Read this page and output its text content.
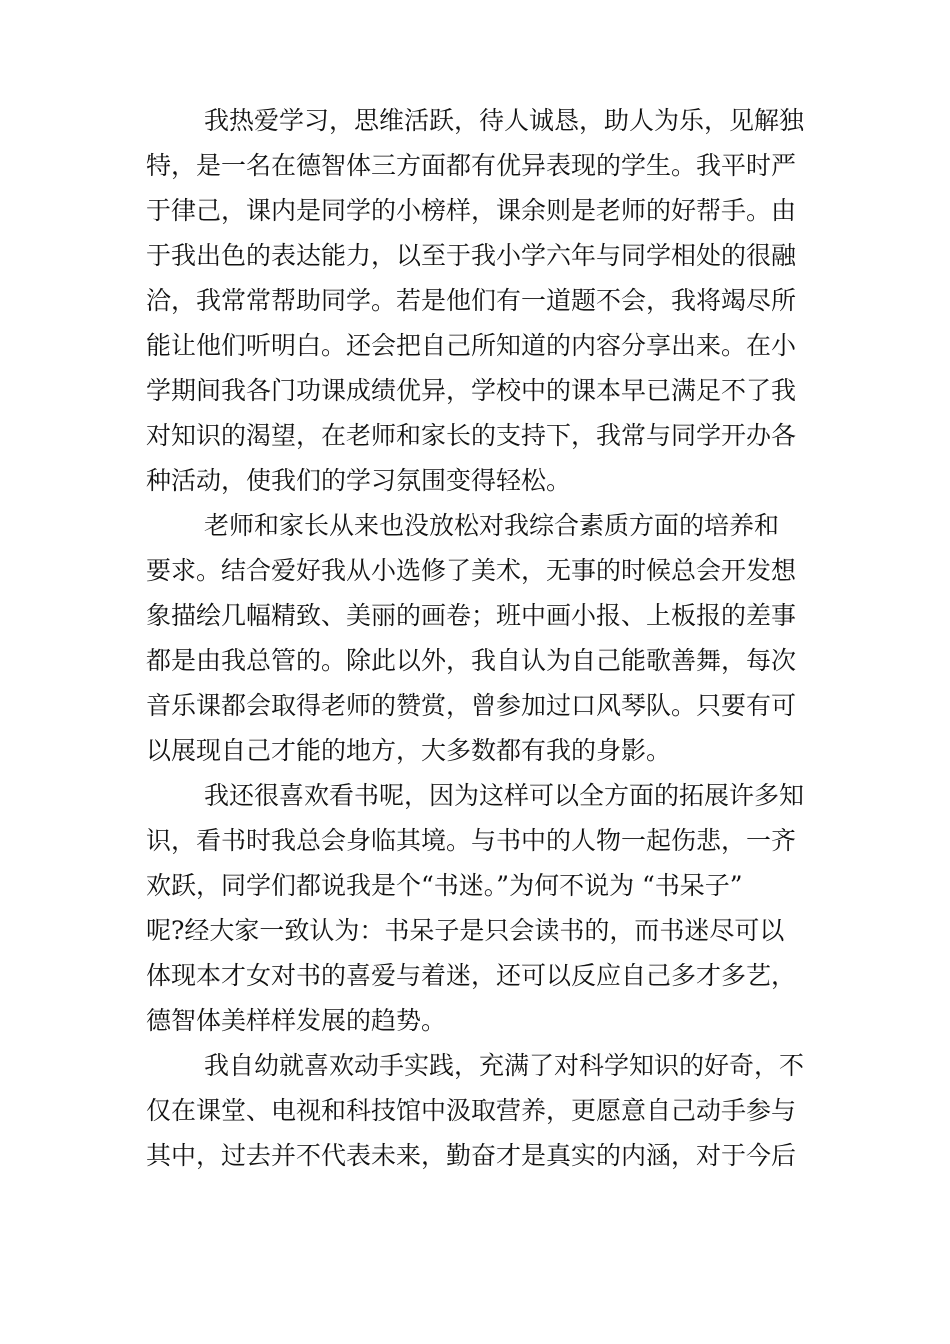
我热爱学习，思维活跃，待人诚恳，助人为乐，见解独
特，是一名在德智体三方面都有优异表现的学生。我平时严
于律己，课内是同学的小榜样，课余则是老师的好帮手。由
于我出色的表达能力，以至于我小学六年与同学相处的很融
洽，我常常帮助同学。若是他们有一道题不会，我将竭尽所
能让他们听明白。还会把自己所知道的内容分享出来。在小
学期间我各门功课成绩优异，学校中的课本早已满足不了我
对知识的渴望，在老师和家长的支持下，我常与同学开办各
种活动，使我们的学习氛围变得轻松。
老师和家长从来也没放松对我综合素质方面的培养和
要求。结合爱好我从小选修了美术，无事的时候总会开发想
象描绘几幅精致、美丽的画卷；班中画小报、上板报的差事
都是由我总管的。除此以外，我自认为自己能歌善舞，每次
音乐课都会取得老师的赞赏，曾参加过口风琴队。只要有可
以展现自己才能的地方，大多数都有我的身影。
我还很喜欢看书呢，因为这样可以全方面的拓展许多知
识，看书时我总会身临其境。与书中的人物一起伤悲，一齐
欢跃，同学们都说我是个“书迷。”为何不说为 “书呆子”
呢?经大家一致认为：书呆子是只会读书的，而书迷尽可以
体现本才女对书的喜爱与着迷，还可以反应自己多才多艺，
德智体美样样发展的趋势。
我自幼就喜欢动手实践，充满了对科学知识的好奇，不
仅在课堂、电视和科技馆中汲取营养，更愿意自己动手参与
其中，过去并不代表未来，勤奋才是真实的内涵，对于今后
